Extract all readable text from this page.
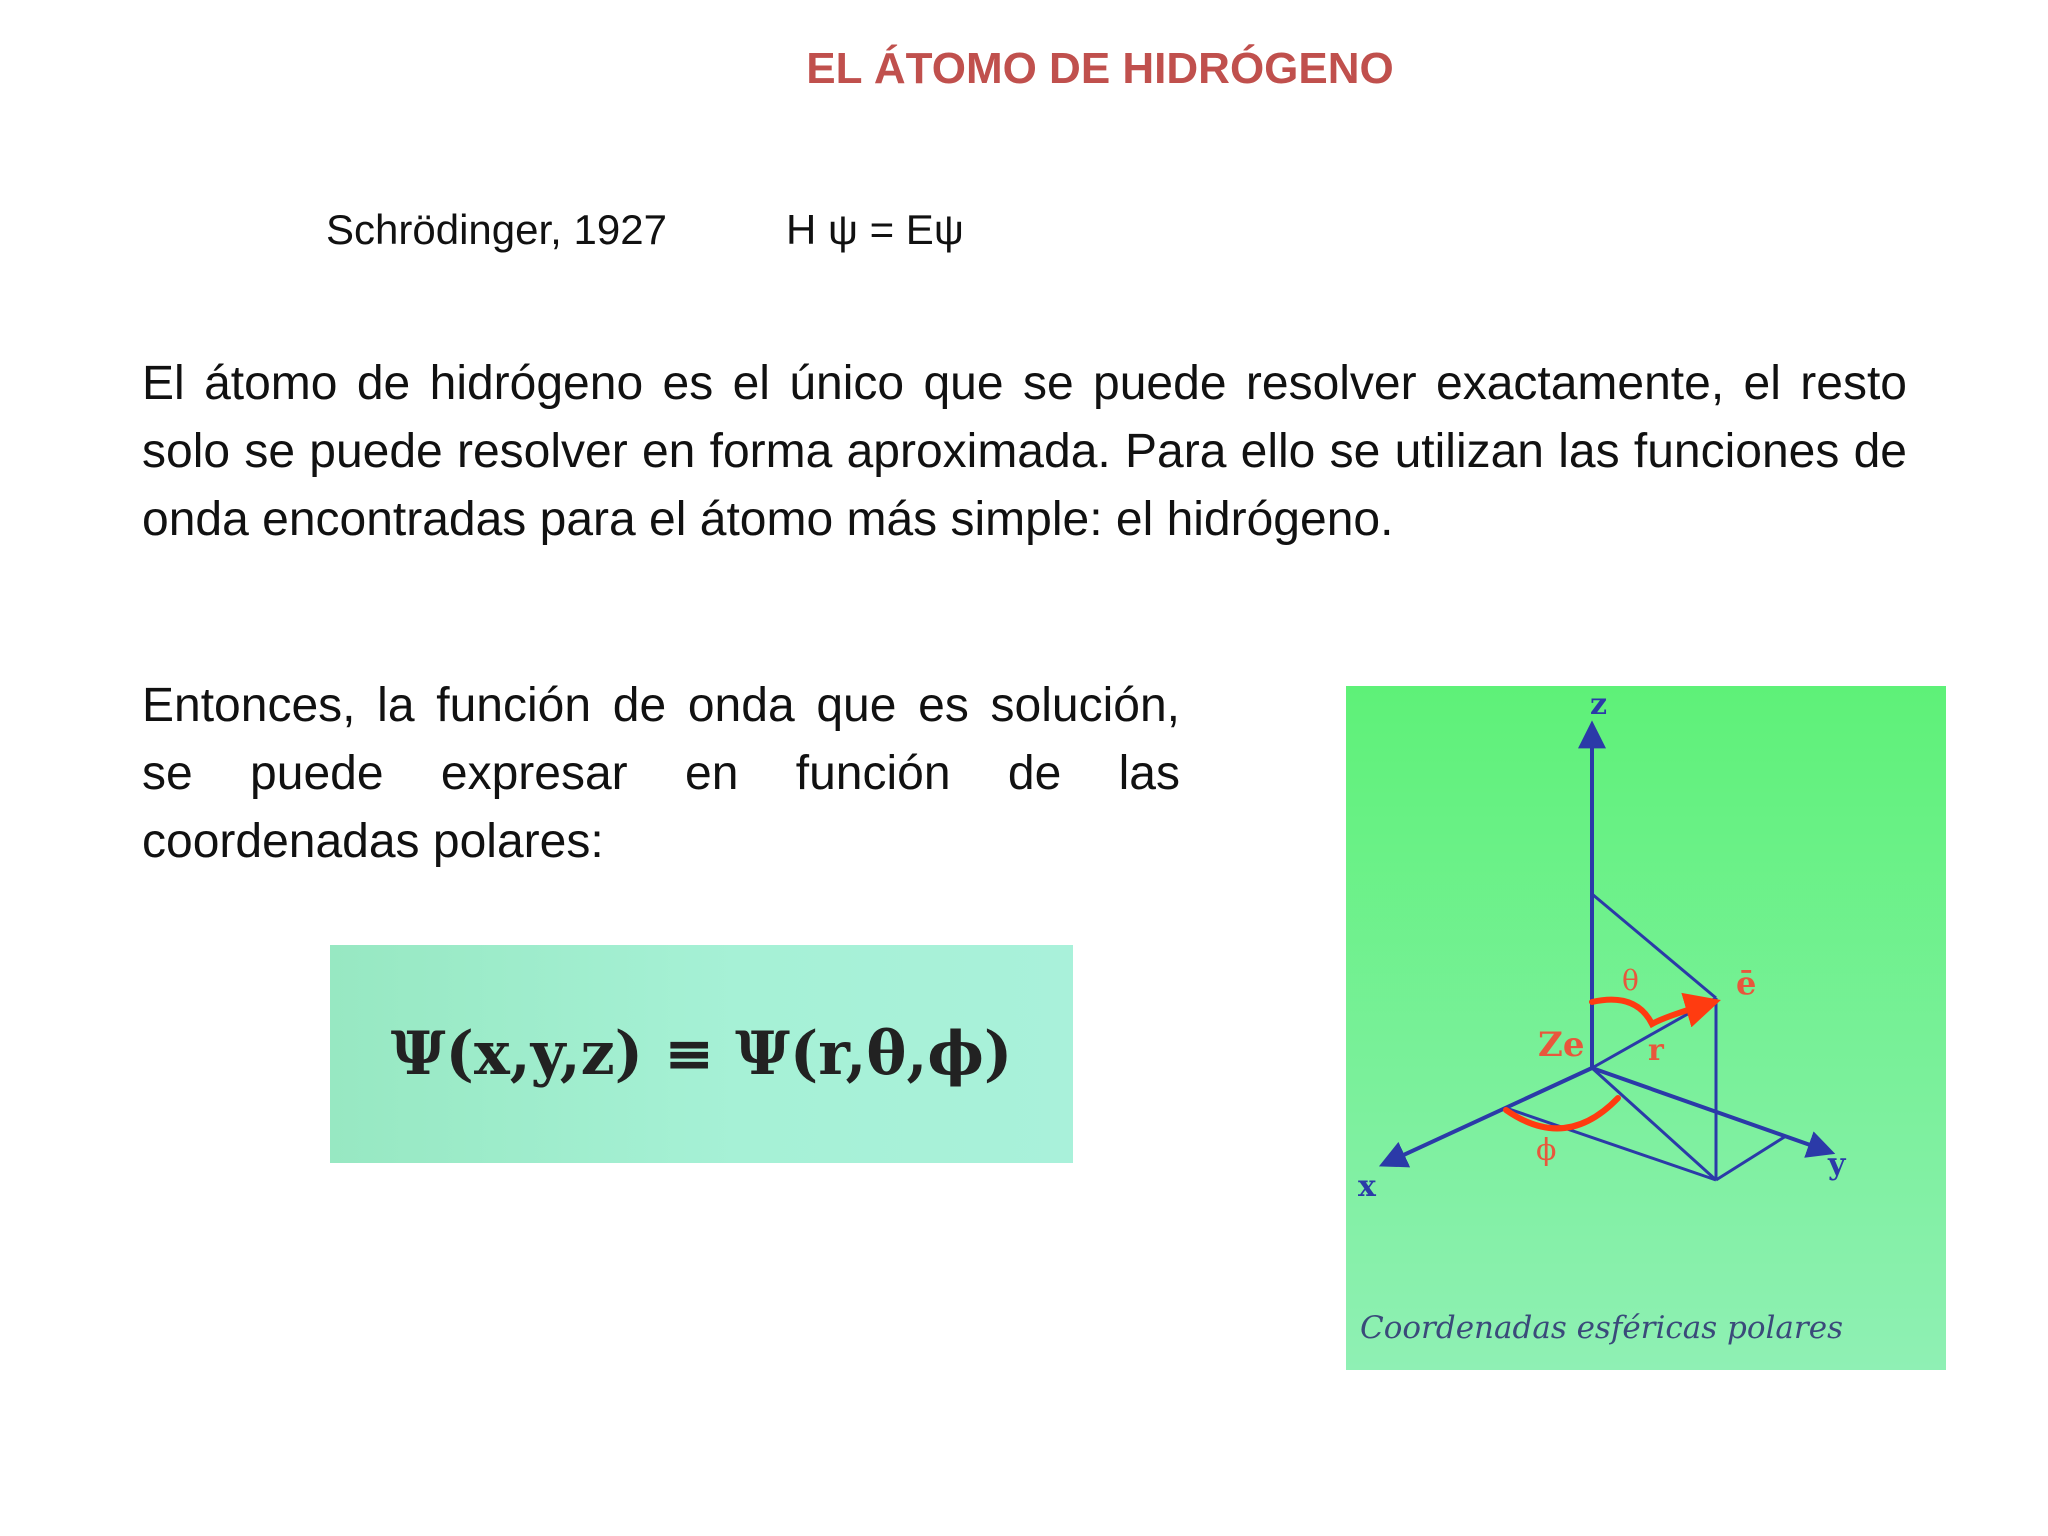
EL ÁTOMO DE HIDRÓGENO
Schrödinger, 1927	H ψ = Eψ
El átomo de hidrógeno es el único que se puede resolver exactamente, el resto solo se puede resolver en forma aproximada. Para ello se utilizan las funciones de onda encontradas para el átomo más simple: el hidrógeno.
Entonces, la función de onda que es solución, se puede expresar en función de las coordenadas polares:
Ψ(x,y,z) ≡ Ψ(r,θ,ϕ)
z
x
y
ē
θ
Ze r
ϕ
Coordenadas esféricas polares
